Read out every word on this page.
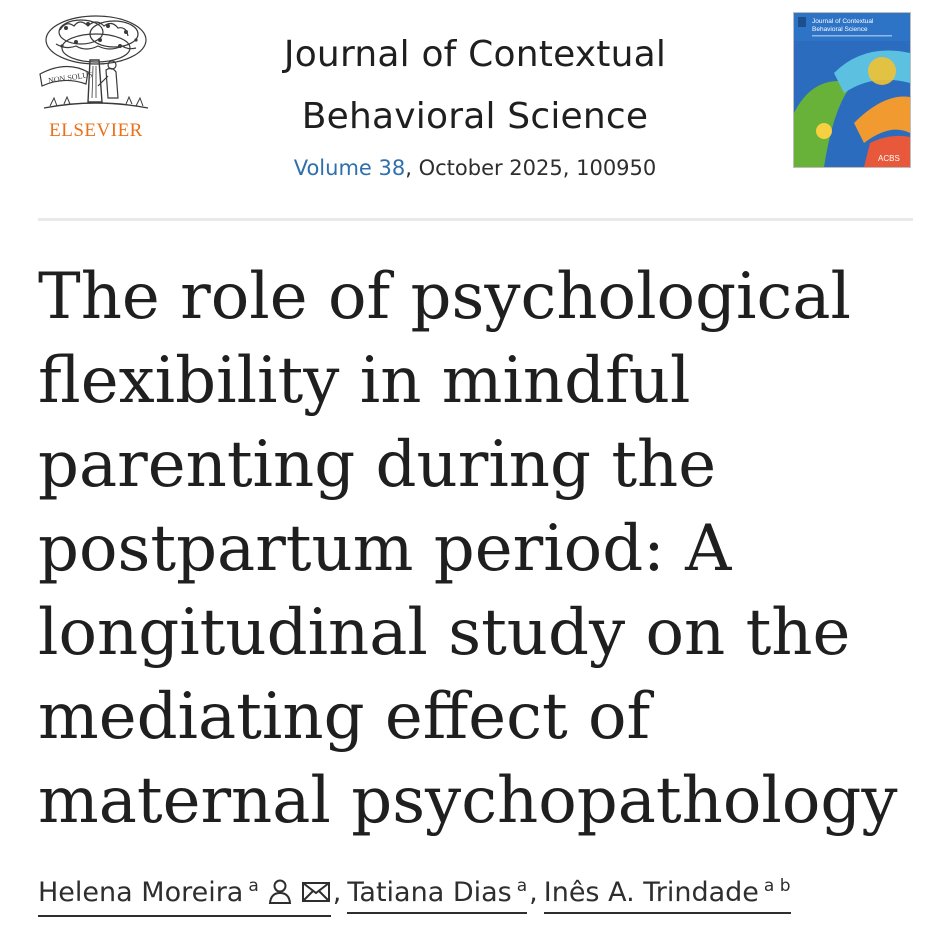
NON SOLUS
ELSEVIER
Journal of Contextual
Behavioral Science
Volume 38, October 2025, 100950
Journal of Contextual
Behavioral Science
ACBS
The role of psychological flexibility in mindful parenting during the postpartum period: A longitudinal study on the mediating effect of maternal psychopathology
Helena Moreira $^a$	, Tatiana Dias $^a$, Inês A. Trindade $^{a b}$
